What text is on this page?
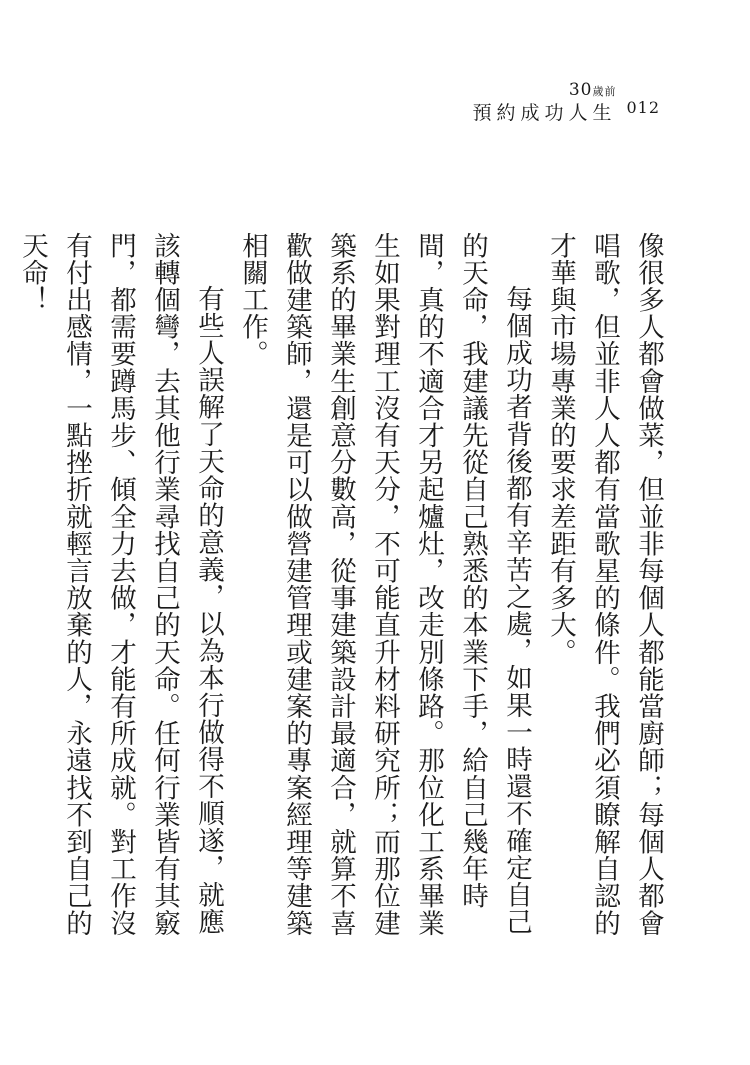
30歲前
預約成功人生 012

像很多人都會做菜，但並非每個人都能當廚師；每個人都會唱歌，但並非人人都有當歌星的條件。我們必須瞭解自認的才華與市場專業的要求差距有多大。

每個成功者背後都有辛苦之處，如果一時還不確定自己的天命，我建議先從自己熟悉的本業下手，給自己幾年時間，真的不適合才另起爐灶，改走別條路。那位化工系畢業生如果對理工沒有天分，不可能直升材料研究所；而那位建築系的畢業生創意分數高，從事建築設計最適合，就算不喜歡做建築師，還是可以做營建管理或建案的專案經理等建築相關工作。

有些人誤解了天命的意義，以為本行做得不順遂，就應該轉個彎，去其他行業尋找自己的天命。任何行業皆有其竅門，都需要蹲馬步、傾全力去做，才能有所成就。對工作沒有付出感情，一點挫折就輕言放棄的人，永遠找不到自己的天命！
